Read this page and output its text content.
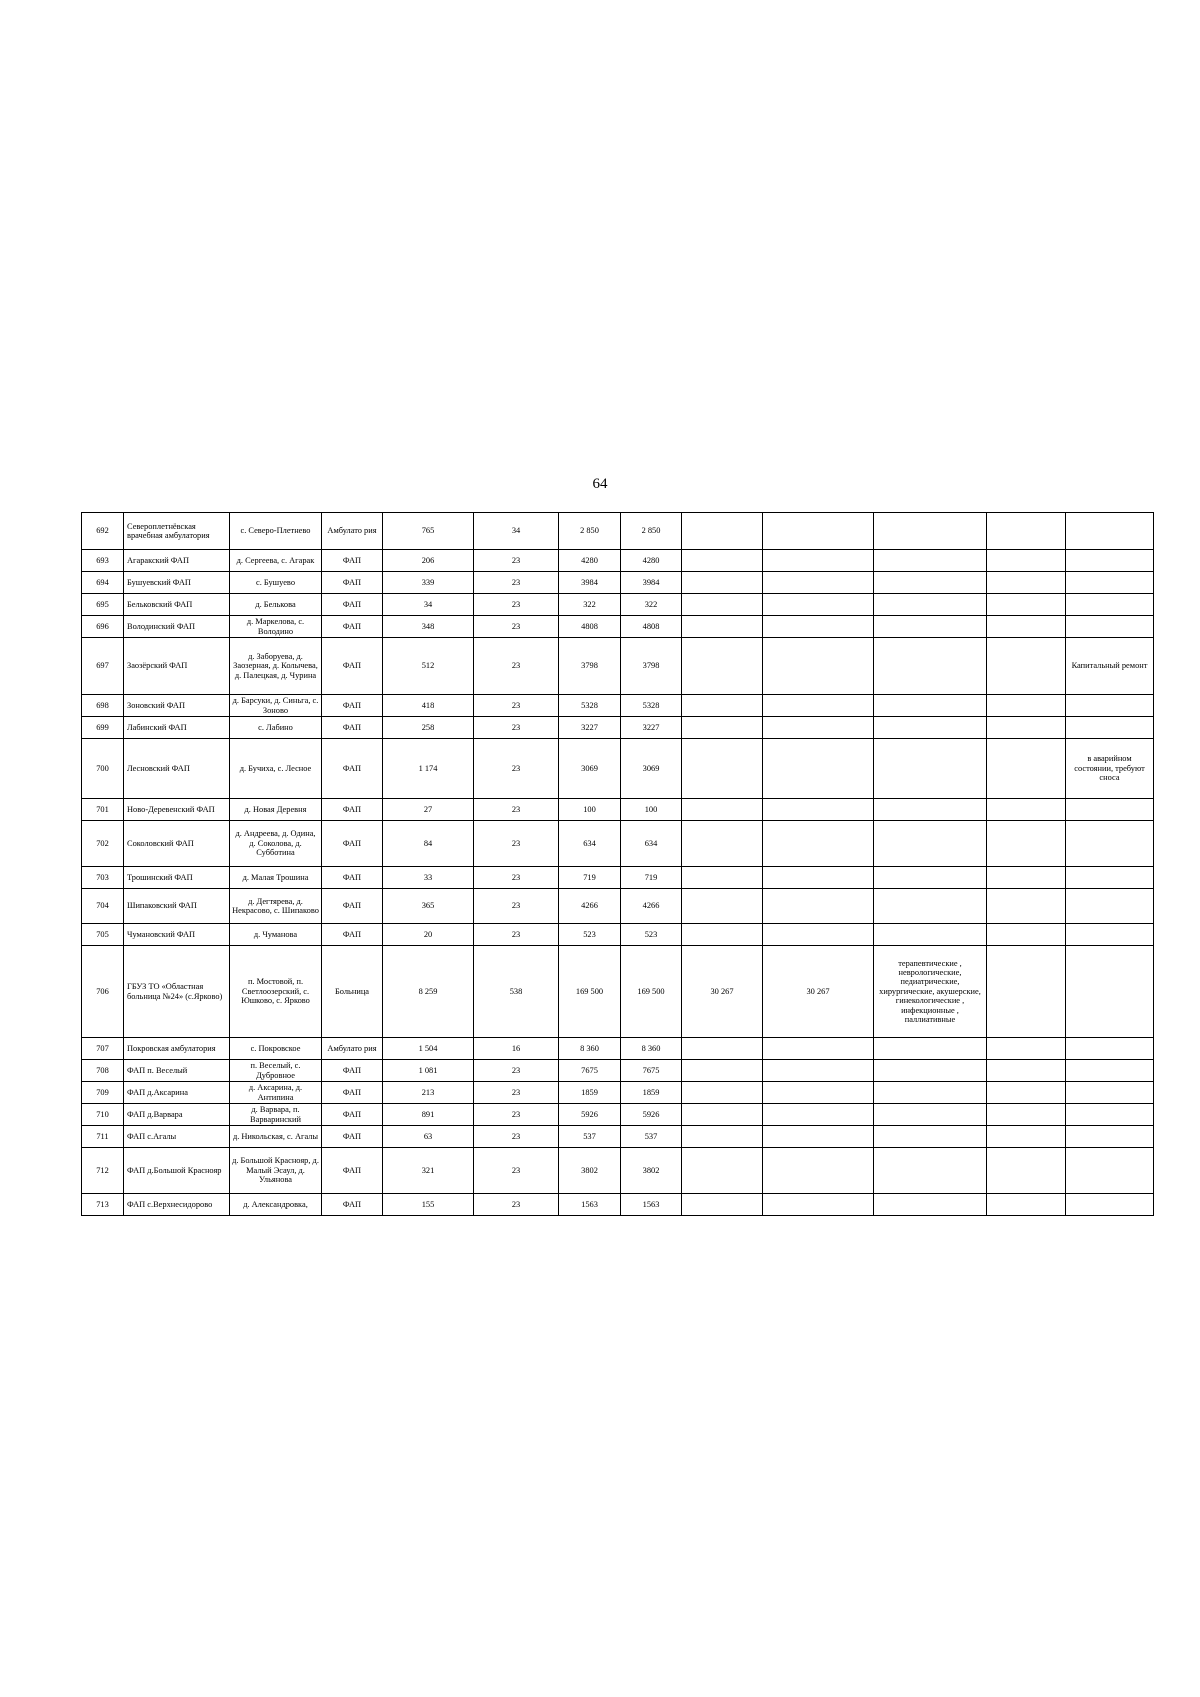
64
692	Североплетнёвская врачебная амбулатория	с. Северо-Плетнево	Амбулато рия	765	34	2 850	2 850					
693	Агаракский ФАП	д. Сергеева, с. Агарак	ФАП	206	23	4280	4280					
694	Бушуевский ФАП	с. Бушуево	ФАП	339	23	3984	3984					
695	Бельковский ФАП	д. Белькова	ФАП	34	23	322	322					
696	Володинский ФАП	д. Маркелова, с. Володино	ФАП	348	23	4808	4808					
697	Заозёрский ФАП	д. Заборуева, д. Заозерная, д. Колычева, д. Палецкая, д. Чурина	ФАП	512	23	3798	3798					Капитальный ремонт
698	Зоновский ФАП	д. Барсуки, д. Синьга, с. Зоново	ФАП	418	23	5328	5328					
699	Лабинский ФАП	с. Лабино	ФАП	258	23	3227	3227					
700	Лесновский ФАП	д. Бучиха, с. Лесное	ФАП	1 174	23	3069	3069					в аварийном состоянии, требуют сноса
701	Ново-Деревенский ФАП	д. Новая Деревня	ФАП	27	23	100	100					
702	Соколовский ФАП	д. Андреева, д. Одина, д. Соколова, д. Субботина	ФАП	84	23	634	634					
703	Трошинский ФАП	д. Малая Трошина	ФАП	33	23	719	719					
704	Шипаковский ФАП	д. Дегтярева, д. Некрасово, с. Шипаково	ФАП	365	23	4266	4266					
705	Чумановский ФАП	д. Чуманова	ФАП	20	23	523	523					
706	ГБУЗ ТО «Областная больница №24» (с.Ярково)	п. Мостовой, п. Светлоозерский, с. Юшково, с. Ярково	Больница	8 259	538	169 500	169 500	30 267	30 267	терапевтические , неврологические, педиатрические, хирургические, акушерские, гинекологические , инфекционные , паллиативные		
707	Покровская амбулатория	с. Покровское	Амбулато рия	1 504	16	8 360	8 360					
708	ФАП п. Веселый	п. Веселый, с. Дубровное	ФАП	1 081	23	7675	7675					
709	ФАП д.Аксарина	д. Аксарина, д. Антипина	ФАП	213	23	1859	1859					
710	ФАП д.Варвара	д. Варвара, п. Варваринский	ФАП	891	23	5926	5926					
711	ФАП с.Агалы	д. Никольская, с. Агалы	ФАП	63	23	537	537					
712	ФАП д.Большой Краснояр	д. Большой Краснояр, д. Малый Эсаул, д. Ульянова	ФАП	321	23	3802	3802					
713	ФАП с.Верхнесидорово	д. Александровка,	ФАП	155	23	1563	1563					
